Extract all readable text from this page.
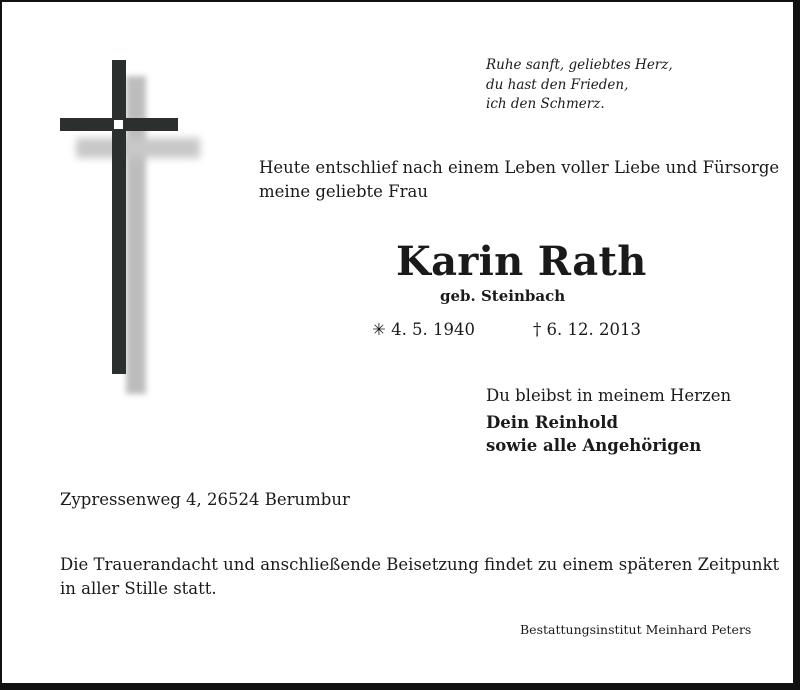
Ruhe sanft, geliebtes Herz,
du hast den Frieden,
ich den Schmerz.
Heute entschlief nach einem Leben voller Liebe und Fürsorge
meine geliebte Frau
Karin Rath
geb. Steinbach
✳ 4. 5. 1940	† 6. 12. 2013
Du bleibst in meinem Herzen
Dein Reinhold
sowie alle Angehörigen
Zypressenweg 4, 26524 Berumbur
Die Trauerandacht und anschließende Beisetzung findet zu einem späteren Zeitpunkt
in aller Stille statt.
Bestattungsinstitut Meinhard Peters
